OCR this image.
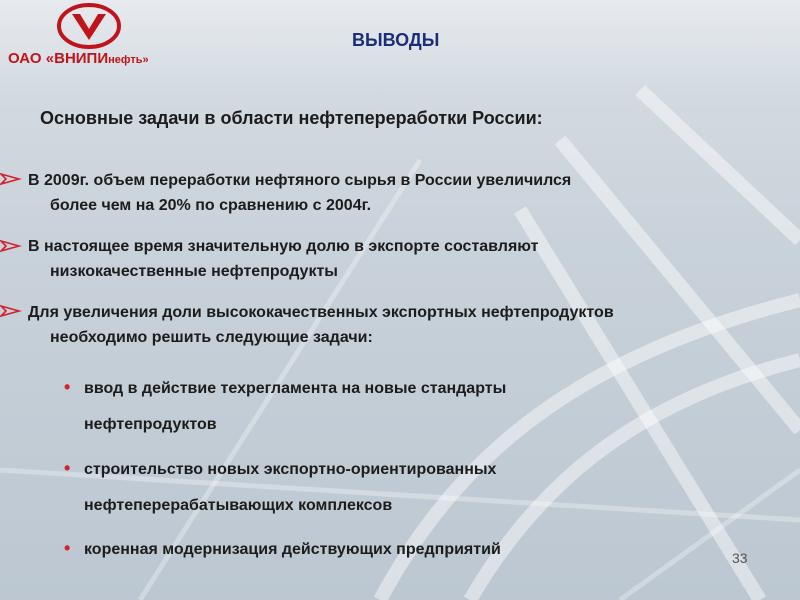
ОАО «ВНИПИнефть»
ВЫВОДЫ
Основные задачи в области нефтепереработки России:
В 2009г. объем переработки нефтяного сырья в России увеличился
более чем на 20% по сравнению с 2004г.
В настоящее время значительную долю в экспорте составляют
низкокачественные нефтепродукты
Для увеличения доли высококачественных экспортных нефтепродуктов
необходимо решить следующие задачи:
• ввод в действие техрегламента на новые стандарты
нефтепродуктов
• строительство новых экспортно-ориентированных
нефтеперерабатывающих комплексов
• коренная модернизация действующих предприятий	33
